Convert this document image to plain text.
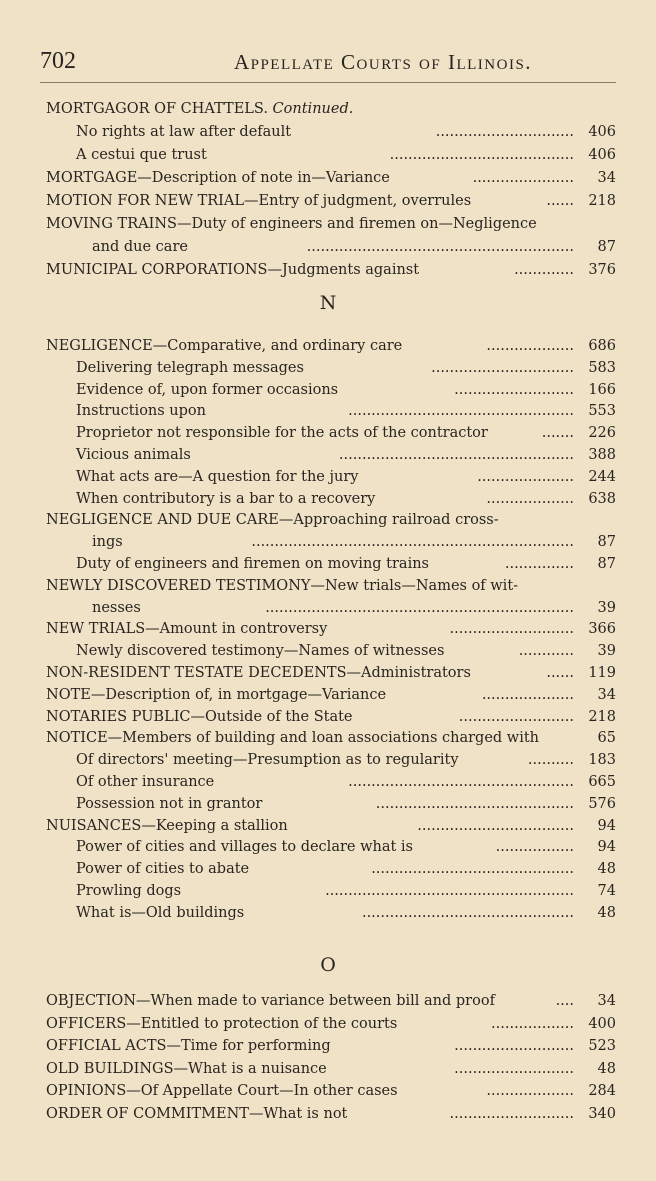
702	Appellate Courts of Illinois.
MORTGAGOR OF CHATTELS. Continued.
No rights at law after default	.............................. 406
A cestui que trust	........................................ 406
MORTGAGE—Description of note in—Variance	......................	34
MOTION FOR NEW TRIAL—Entry of judgment, overrules	...... 218
MOVING TRAINS—Duty of engineers and firemen on—Negligence
and due care	..........................................................	87
MUNICIPAL CORPORATIONS—Judgments against	............. 376
N
NEGLIGENCE—Comparative, and ordinary care	................... 686
Delivering telegraph messages	............................... 583
Evidence of, upon former occasions	.......................... 166
Instructions upon	................................................. 553
Proprietor not responsible for the acts of the contractor	....... 226
Vicious animals	................................................... 388
What acts are—A question for the jury	..................... 244
When contributory is a bar to a recovery	................... 638
NEGLIGENCE AND DUE CARE—Approaching railroad cross-
ings	......................................................................	87
Duty of engineers and firemen on moving trains	...............	87
NEWLY DISCOVERED TESTIMONY—New trials—Names of wit-
nesses	...................................................................	39
NEW TRIALS—Amount in controversy	........................... 366
Newly discovered testimony—Names of witnesses	............	39
NON-RESIDENT TESTATE DECEDENTS—Administrators	...... 119
NOTE—Description of, in mortgage—Variance	....................	34
NOTARIES PUBLIC—Outside of the State	......................... 218
NOTICE—Members of building and loan associations charged with	65
Of directors' meeting—Presumption as to regularity	.......... 183
Of other insurance	................................................. 665
Possession not in grantor	........................................... 576
NUISANCES—Keeping a stallion	..................................	94
Power of cities and villages to declare what is	.................	94
Power of cities to abate	............................................	48
Prowling dogs	......................................................	74
What is—Old buildings	..............................................	48
O
OBJECTION—When made to variance between bill and proof	....	34
OFFICERS—Entitled to protection of the courts	.................. 400
OFFICIAL ACTS—Time for performing	.......................... 523
OLD BUILDINGS—What is a nuisance	..........................	48
OPINIONS—Of Appellate Court—In other cases	................... 284
ORDER OF COMMITMENT—What is not	........................... 340
